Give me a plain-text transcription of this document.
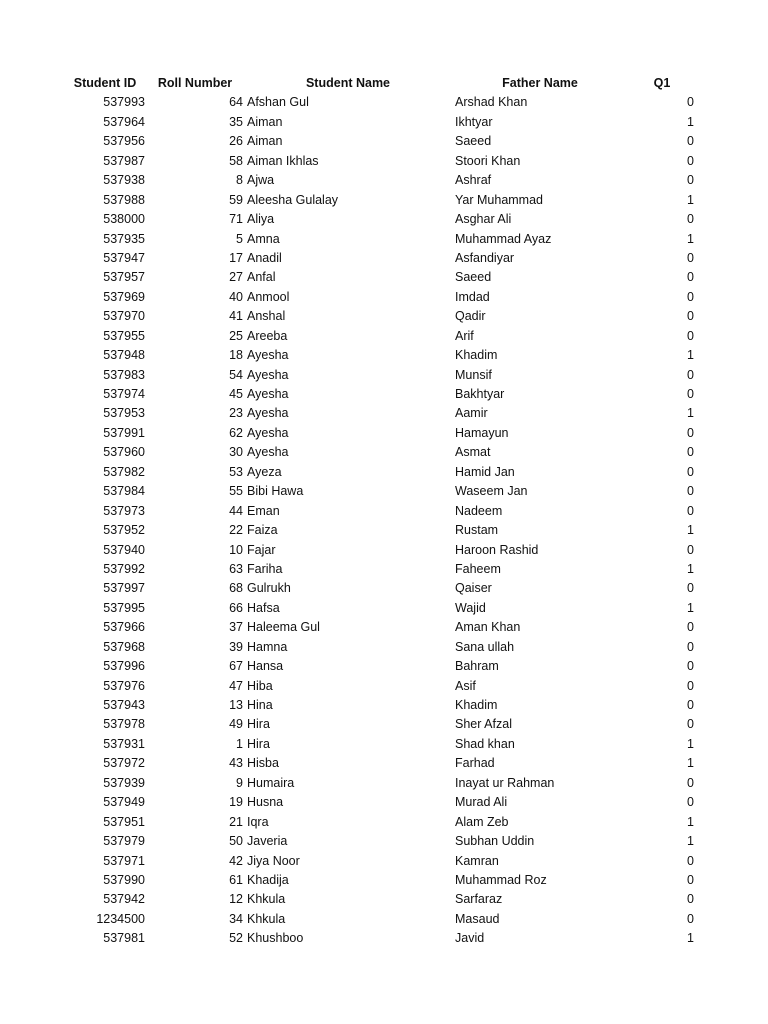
Student ID	Roll Number	Student Name	Father Name	Q1
537993	64 Afshan Gul	Arshad Khan	0
537964	35 Aiman	Ikhtyar	1
537956	26 Aiman	Saeed	0
537987	58 Aiman Ikhlas	Stoori Khan	0
537938	8 Ajwa	Ashraf	0
537988	59 Aleesha Gulalay	Yar Muhammad	1
538000	71 Aliya	Asghar Ali	0
537935	5 Amna	Muhammad Ayaz	1
537947	17 Anadil	Asfandiyar	0
537957	27 Anfal	Saeed	0
537969	40 Anmool	Imdad	0
537970	41 Anshal	Qadir	0
537955	25 Areeba	Arif	0
537948	18 Ayesha	Khadim	1
537983	54 Ayesha	Munsif	0
537974	45 Ayesha	Bakhtyar	0
537953	23 Ayesha	Aamir	1
537991	62 Ayesha	Hamayun	0
537960	30 Ayesha	Asmat	0
537982	53 Ayeza	Hamid Jan	0
537984	55 Bibi Hawa	Waseem Jan	0
537973	44 Eman	Nadeem	0
537952	22 Faiza	Rustam	1
537940	10 Fajar	Haroon Rashid	0
537992	63 Fariha	Faheem	1
537997	68 Gulrukh	Qaiser	0
537995	66 Hafsa	Wajid	1
537966	37 Haleema Gul	Aman Khan	0
537968	39 Hamna	Sana ullah	0
537996	67 Hansa	Bahram	0
537976	47 Hiba	Asif	0
537943	13 Hina	Khadim	0
537978	49 Hira	Sher Afzal	0
537931	1 Hira	Shad khan	1
537972	43 Hisba	Farhad	1
537939	9 Humaira	Inayat ur Rahman	0
537949	19 Husna	Murad Ali	0
537951	21 Iqra	Alam Zeb	1
537979	50 Javeria	Subhan Uddin	1
537971	42 Jiya Noor	Kamran	0
537990	61 Khadija	Muhammad Roz	0
537942	12 Khkula	Sarfaraz	0
1234500	34 Khkula	Masaud	0
537981	52 Khushboo	Javid	1
